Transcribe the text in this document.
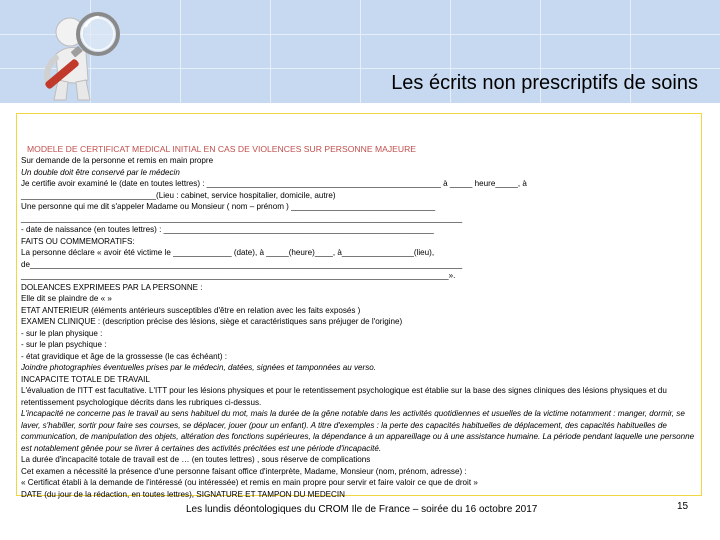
Les écrits non prescriptifs de soins
MODELE DE CERTIFICAT MEDICAL INITIAL EN CAS DE VIOLENCES SUR PERSONNE MAJEURE
Sur demande de la personne et remis en main propre
Un double doit être conservé par le médecin
Je certifie avoir examiné le (date en toutes lettres) : ____________________________________________________ à _____ heure_____, à
______________________________(Lieu : cabinet, service hospitalier, domicile, autre)
Une personne qui me dit s'appeler Madame ou Monsieur ( nom – prénom ) ________________________________
__________________________________________________________________________________________________
- date de naissance (en toutes lettres) : ____________________________________________________________
FAITS OU COMMEMORATIFS:
La personne déclare « avoir été victime le _____________ (date), à _____(heure)____, à________________(lieu),
de________________________________________________________________________________________________
_______________________________________________________________________________________________».
DOLEANCES EXPRIMEES PAR LA PERSONNE :
Elle dit se plaindre de « »
ETAT ANTERIEUR (éléments antérieurs susceptibles d'être en relation avec les faits exposés )
EXAMEN CLINIQUE : (description précise des lésions, siège et caractéristiques sans préjuger de l'origine)
- sur le plan physique :
- sur le plan psychique :
- état gravidique et âge de la grossesse (le cas échéant) :
Joindre photographies éventuelles prises par le médecin, datées, signées et tamponnées au verso.
INCAPACITE TOTALE DE TRAVAIL
L'évaluation de l'ITT est facultative. L'ITT pour les lésions physiques et pour le retentissement psychologique est établie sur la base des signes cliniques des lésions physiques et du retentissement psychologique décrits dans les rubriques ci-dessus.
L'incapacité ne concerne pas le travail au sens habituel du mot, mais la durée de la gêne notable dans les activités quotidiennes et usuelles de la victime notamment : manger, dormir, se laver, s'habiller, sortir pour faire ses courses, se déplacer, jouer (pour un enfant). A titre d'exemples : la perte des capacités habituelles de déplacement, des capacités habituelles de communication, de manipulation des objets, altération des fonctions supérieures, la dépendance à un appareillage ou à une assistance humaine. La période pendant laquelle une personne est notablement gênée pour se livrer à certaines des activités précitées est une période d'incapacité.
La durée d'incapacité totale de travail est de … (en toutes lettres) , sous réserve de complications
Cet examen a nécessité la présence d'une personne faisant office d'interprète, Madame, Monsieur (nom, prénom, adresse) :
« Certificat établi à la demande de l'intéressé (ou intéressée) et remis en main propre pour servir et faire valoir ce que de droit »
DATE (du jour de la rédaction, en toutes lettres), SIGNATURE ET TAMPON DU MEDECIN
Les lundis déontologiques du CROM Ile de France – soirée du 16 octobre 2017	15
